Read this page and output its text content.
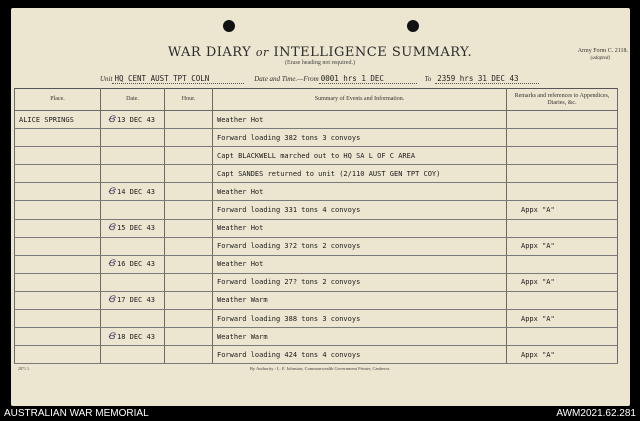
WAR DIARY or INTELLIGENCE SUMMARY.
(Erase heading not required.)
Army Form C. 2118.
(adapted)
Unit HQ CENT AUST TPT COLN	Date and Time.—From 0001 hrs 1 DEC	To 2359 hrs 31 DEC 43
Place.	Date.	Hour.	Summary of Events and Information.	Remarks and references to Appendices, Diaries, &c.
ALICE SPRINGS	Ꞡ 13 DEC 43		Weather Hot	
			Forward loading 382 tons 3 convoys	
			Capt BLACKWELL marched out to HQ SA L OF C AREA	
			Capt SANDES returned to unit (2/110 AUST GEN TPT COY)	
	Ꞡ 14 DEC 43		Weather Hot	
			Forward loading 331 tons 4 convoys	Appx "A"
	Ꞡ 15 DEC 43		Weather Hot	
			Forward loading 3?2 tons 2 convoys	Appx "A"
	Ꞡ 16 DEC 43		Weather Hot	
			Forward loading 27? tons 2 convoys	Appx "A"
	Ꞡ 17 DEC 43		Weather Warm	
			Forward loading 388 tons 3 convoys	Appx "A"
	Ꞡ 18 DEC 43		Weather Warm	
			Forward loading 424 tons 4 convoys	Appx "A"
2871.1.	By Authority : L. F. Johnston, Commonwealth Government Printer, Canberra.
AUSTRALIAN WAR MEMORIAL	AWM2021.62.281
